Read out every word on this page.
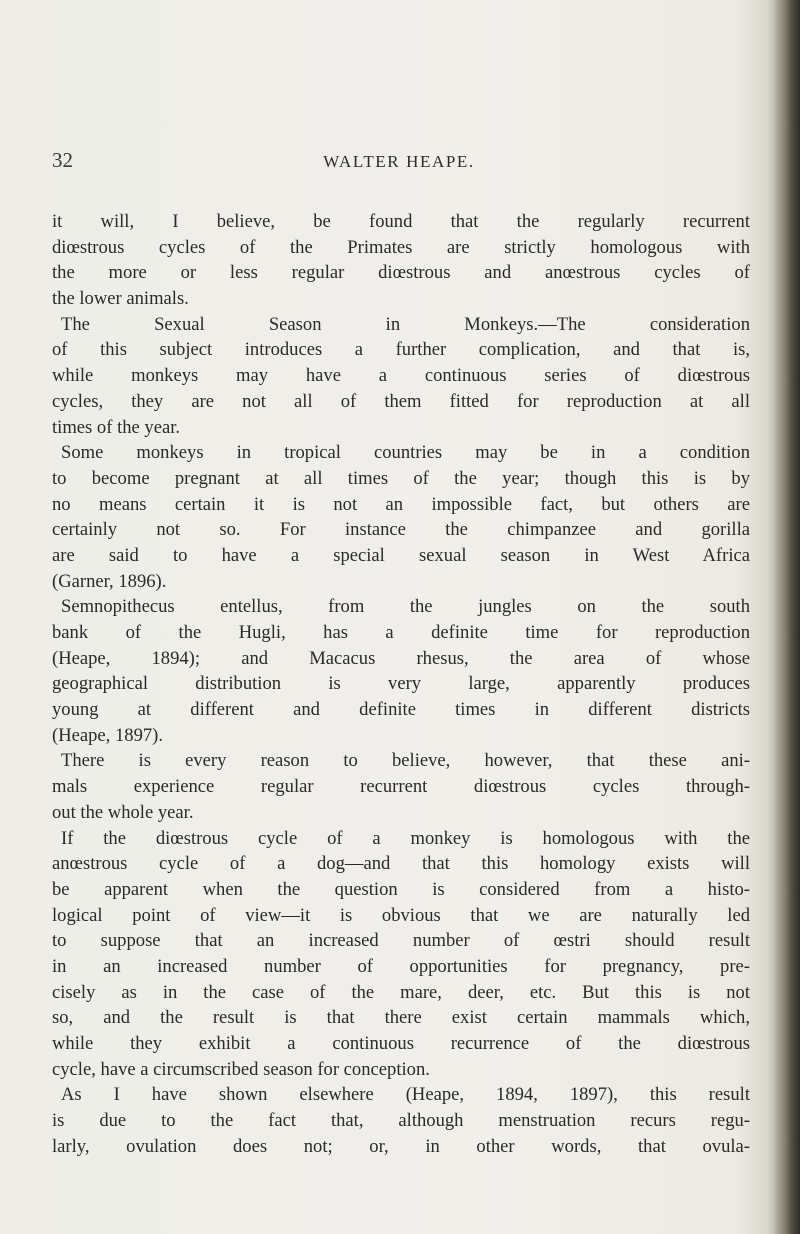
32	WALTER HEAPE.
it will, I believe, be found that the regularly recurrent
diœstrous cycles of the Primates are strictly homologous with
the more or less regular diœstrous and anœstrous cycles of
the lower animals.
The Sexual Season in Monkeys.—The consideration
of this subject introduces a further complication, and that is,
while monkeys may have a continuous series of diœstrous
cycles, they are not all of them fitted for reproduction at all
times of the year.
Some monkeys in tropical countries may be in a condition
to become pregnant at all times of the year; though this is by
no means certain it is not an impossible fact, but others are
certainly not so. For instance the chimpanzee and gorilla
are said to have a special sexual season in West Africa
(Garner, 1896).
Semnopithecus entellus, from the jungles on the south
bank of the Hugli, has a definite time for reproduction
(Heape, 1894); and Macacus rhesus, the area of whose
geographical distribution is very large, apparently produces
young at different and definite times in different districts
(Heape, 1897).
There is every reason to believe, however, that these ani-
mals experience regular recurrent diœstrous cycles through-
out the whole year.
If the diœstrous cycle of a monkey is homologous with the
anœstrous cycle of a dog—and that this homology exists will
be apparent when the question is considered from a histo-
logical point of view—it is obvious that we are naturally led
to suppose that an increased number of œstri should result
in an increased number of opportunities for pregnancy, pre-
cisely as in the case of the mare, deer, etc. But this is not
so, and the result is that there exist certain mammals which,
while they exhibit a continuous recurrence of the diœstrous
cycle, have a circumscribed season for conception.
As I have shown elsewhere (Heape, 1894, 1897), this result
is due to the fact that, although menstruation recurs regu-
larly, ovulation does not; or, in other words, that ovula-
